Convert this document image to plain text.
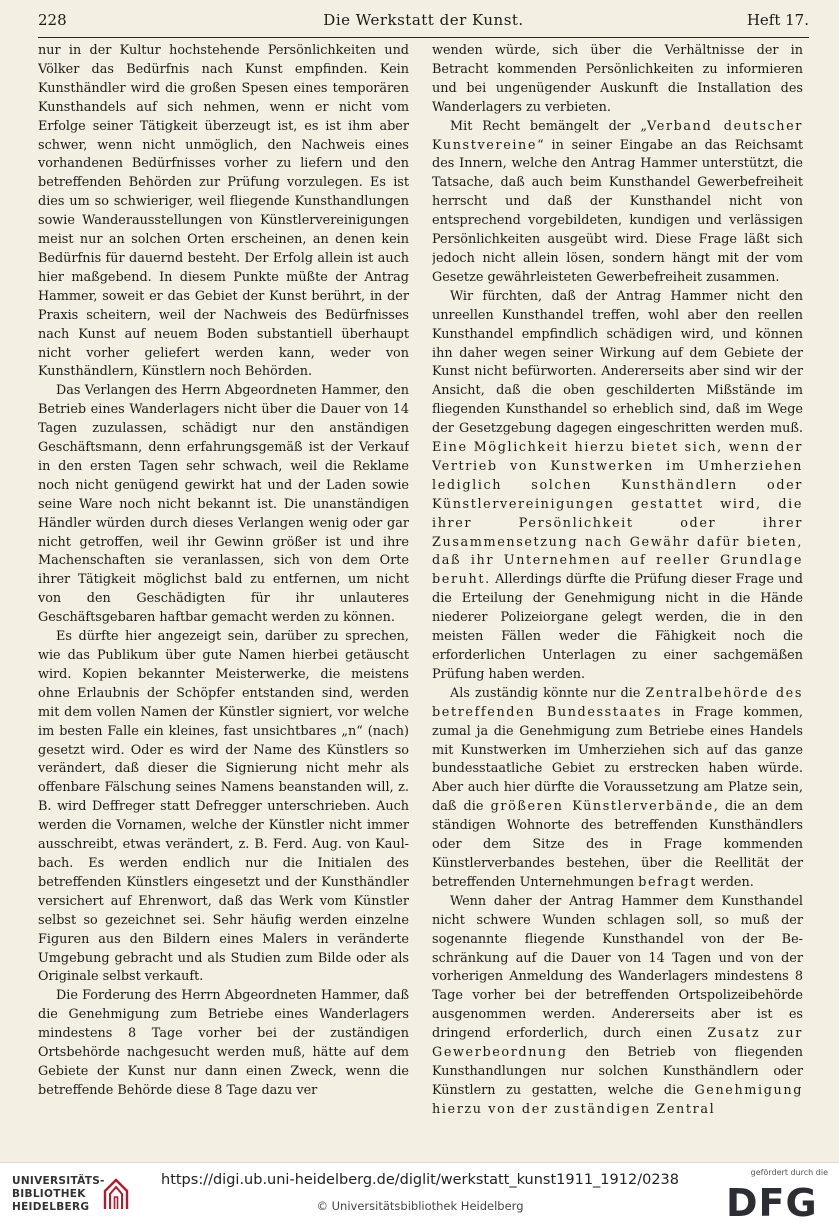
228	Die Werkstatt der Kunst.	Heft 17.

nur in der Kultur hochstehende Persönlichkeiten und Völker das Bedürfnis nach Kunst empfinden. Kein Kunsthändler wird die großen Spesen eines temporären Kunsthandels auf sich nehmen, wenn er nicht vom Erfolge seiner Tätigkeit überzeugt ist, es ist ihm aber schwer, wenn nicht unmöglich, den Nachweis eines vorhandenen Bedürfnisses vorher zu liefern und den betreffenden Behörden zur Prüfung vorzulegen. Es ist dies um so schwieriger, weil fliegende Kunsthandlungen sowie Wanderausstellungen von Künstlervereinigungen meist nur an solchen Orten erscheinen, an denen kein Bedürfnis für dauernd besteht. Der Erfolg allein ist auch hier maßgebend. In diesem Punkte müßte der Antrag Hammer, soweit er das Gebiet der Kunst berührt, in der Praxis scheitern, weil der Nachweis des Bedürfnisses nach Kunst auf neuem Boden substantiell überhaupt nicht vorher geliefert werden kann, weder von Kunsthändlern, Künstlern noch Behörden.

Das Verlangen des Herrn Abgeordneten Hammer, den Betrieb eines Wanderlagers nicht über die Dauer von 14 Tagen zuzulassen, schädigt nur den anständigen Geschäftsmann, denn erfahrungsgemäß ist der Verkauf in den ersten Tagen sehr schwach, weil die Reklame noch nicht genügend gewirkt hat und der Laden sowie seine Ware noch nicht bekannt ist. Die unanständigen Händler würden durch dieses Verlangen wenig oder gar nicht getroffen, weil ihr Gewinn größer ist und ihre Machenschaften sie veranlassen, sich von dem Orte ihrer Tätigkeit möglichst bald zu entfernen, um nicht von den Geschädigten für ihr unlauteres Geschäftsgebaren haftbar gemacht werden zu können.

Es dürfte hier angezeigt sein, darüber zu sprechen, wie das Publikum über gute Namen hierbei getäuscht wird. Kopien bekannter Meisterwerke, die meistens ohne Erlaubnis der Schöpfer entstanden sind, werden mit dem vollen Namen der Künstler signiert, vor welche im besten Falle ein kleines, fast unsichtbares „n“ (nach) gesetzt wird. Oder es wird der Name des Künstlers so verändert, daß dieser die Signierung nicht mehr als offenbare Fälschung seines Namens beanstanden will, z. B. wird Deffreger statt Defregger unterschrieben. Auch werden die Vornamen, welche der Künstler nicht immer ausschreibt, etwas verändert, z. B. Ferd. Aug. von Kaulbach. Es werden endlich nur die Initialen des betreffenden Künstlers eingesetzt und der Kunsthändler versichert auf Ehrenwort, daß das Werk vom Künstler selbst so gezeichnet sei. Sehr häufig werden einzelne Figuren aus den Bildern eines Malers in veränderte Umgebung gebracht und als Studien zum Bilde oder als Originale selbst verkauft.

Die Forderung des Herrn Abgeordneten Hammer, daß die Genehmigung zum Betriebe eines Wanderlagers mindestens 8 Tage vorher bei der zuständigen Ortsbehörde nachgesucht werden muß, hätte auf dem Gebiete der Kunst nur dann einen Zweck, wenn die betreffende Behörde diese 8 Tage dazu ver

wenden würde, sich über die Verhältnisse der in Betracht kommenden Persönlichkeiten zu informieren und bei ungenügender Auskunft die Installation des Wanderlagers zu verbieten.

Mit Recht bemängelt der „Verband deutscher Kunstvereine“ in seiner Eingabe an das Reichsamt des Innern, welche den Antrag Hammer unterstützt, die Tatsache, daß auch beim Kunsthandel Gewerbefreiheit herrscht und daß der Kunsthandel nicht von entsprechend vorgebildeten, kundigen und verlässigen Persönlichkeiten ausgeübt wird. Diese Frage läßt sich jedoch nicht allein lösen, sondern hängt mit der vom Gesetze gewährleisteten Gewerbefreiheit zusammen.

Wir fürchten, daß der Antrag Hammer nicht den unreellen Kunsthandel treffen, wohl aber den reellen Kunsthandel empfindlich schädigen wird, und können ihn daher wegen seiner Wirkung auf dem Gebiete der Kunst nicht befürworten. Andererseits aber sind wir der Ansicht, daß die oben geschilderten Mißstände im fliegenden Kunsthandel so erheblich sind, daß im Wege der Gesetzgebung dagegen eingeschritten werden muß. Eine Möglichkeit hierzu bietet sich, wenn der Vertrieb von Kunstwerken im Umherziehen lediglich solchen Kunsthändlern oder Künstlervereinigungen gestattet wird, die ihrer Persönlichkeit oder ihrer Zusammensetzung nach Gewähr dafür bieten, daß ihr Unternehmen auf reeller Grundlage beruht. Allerdings dürfte die Prüfung dieser Frage und die Erteilung der Genehmigung nicht in die Hände niederer Polizeiorgane gelegt werden, die in den meisten Fällen weder die Fähigkeit noch die erforderlichen Unterlagen zu einer sachgemäßen Prüfung haben werden.

Als zuständig könnte nur die Zentralbehörde des betreffenden Bundesstaates in Frage kommen, zumal ja die Genehmigung zum Betriebe eines Handels mit Kunstwerken im Umherziehen sich auf das ganze bundesstaatliche Gebiet zu erstrecken haben würde. Aber auch hier dürfte die Voraussetzung am Platze sein, daß die größeren Künstlerverbände, die an dem ständigen Wohnorte des betreffenden Kunsthändlers oder dem Sitze des in Frage kommenden Künstlerverbandes bestehen, über die Reellität der betreffenden Unternehmungen befragt werden.

Wenn daher der Antrag Hammer dem Kunsthandel nicht schwere Wunden schlagen soll, so muß der sogenannte fliegende Kunsthandel von der Beschränkung auf die Dauer von 14 Tagen und von der vorherigen Anmeldung des Wanderlagers mindestens 8 Tage vorher bei der betreffenden Ortspolizeibehörde ausgenommen werden. Andererseits aber ist es dringend erforderlich, durch einen Zusatz zur Gewerbeordnung den Betrieb von fliegenden Kunsthandlungen nur solchen Kunsthändlern oder Künstlern zu gestatten, welche die Genehmigung hierzu von der zuständigen Zentral

UNIVERSITÄTS-
BIBLIOTHEK
HEIDELBERG
https://digi.ub.uni-heidelberg.de/diglit/werkstatt_kunst1911_1912/0238
© Universitätsbibliothek Heidelberg
gefördert durch die
DFG
